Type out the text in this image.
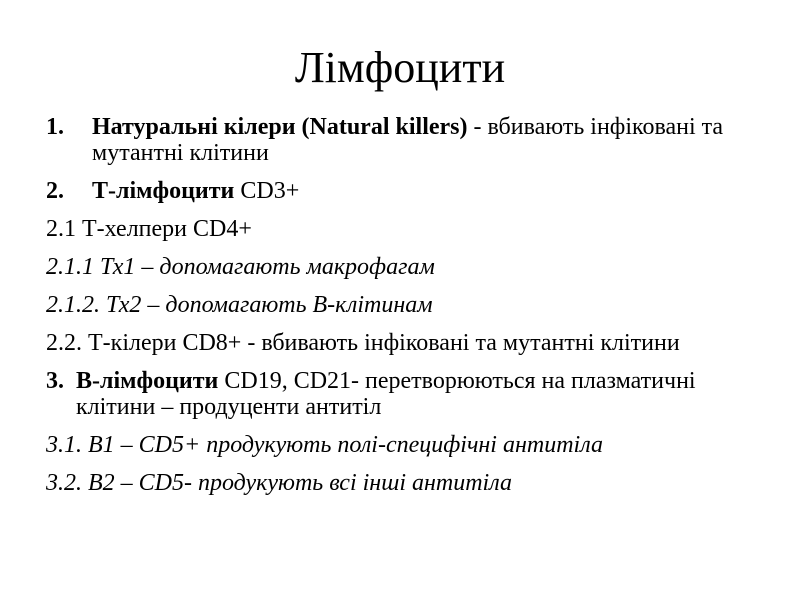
Лімфоцити
1. Натуральні кілери (Natural killers) - вбивають інфіковані та мутантні клітини
2. Т-лімфоцити CD3+
2.1 Т-хелпери CD4+
2.1.1 Тх1 – допомагають макрофагам
2.1.2. Тх2 – допомагають В-клітинам
2.2. Т-кілери CD8+ - вбивають інфіковані та мутантні клітини
3. В-лімфоцити CD19, CD21- перетворюються на плазматичні клітини – продуценти антитіл
3.1. В1 – CD5+ продукують полі-специфічні антитіла
3.2. В2 – CD5- продукують всі інші антитіла
